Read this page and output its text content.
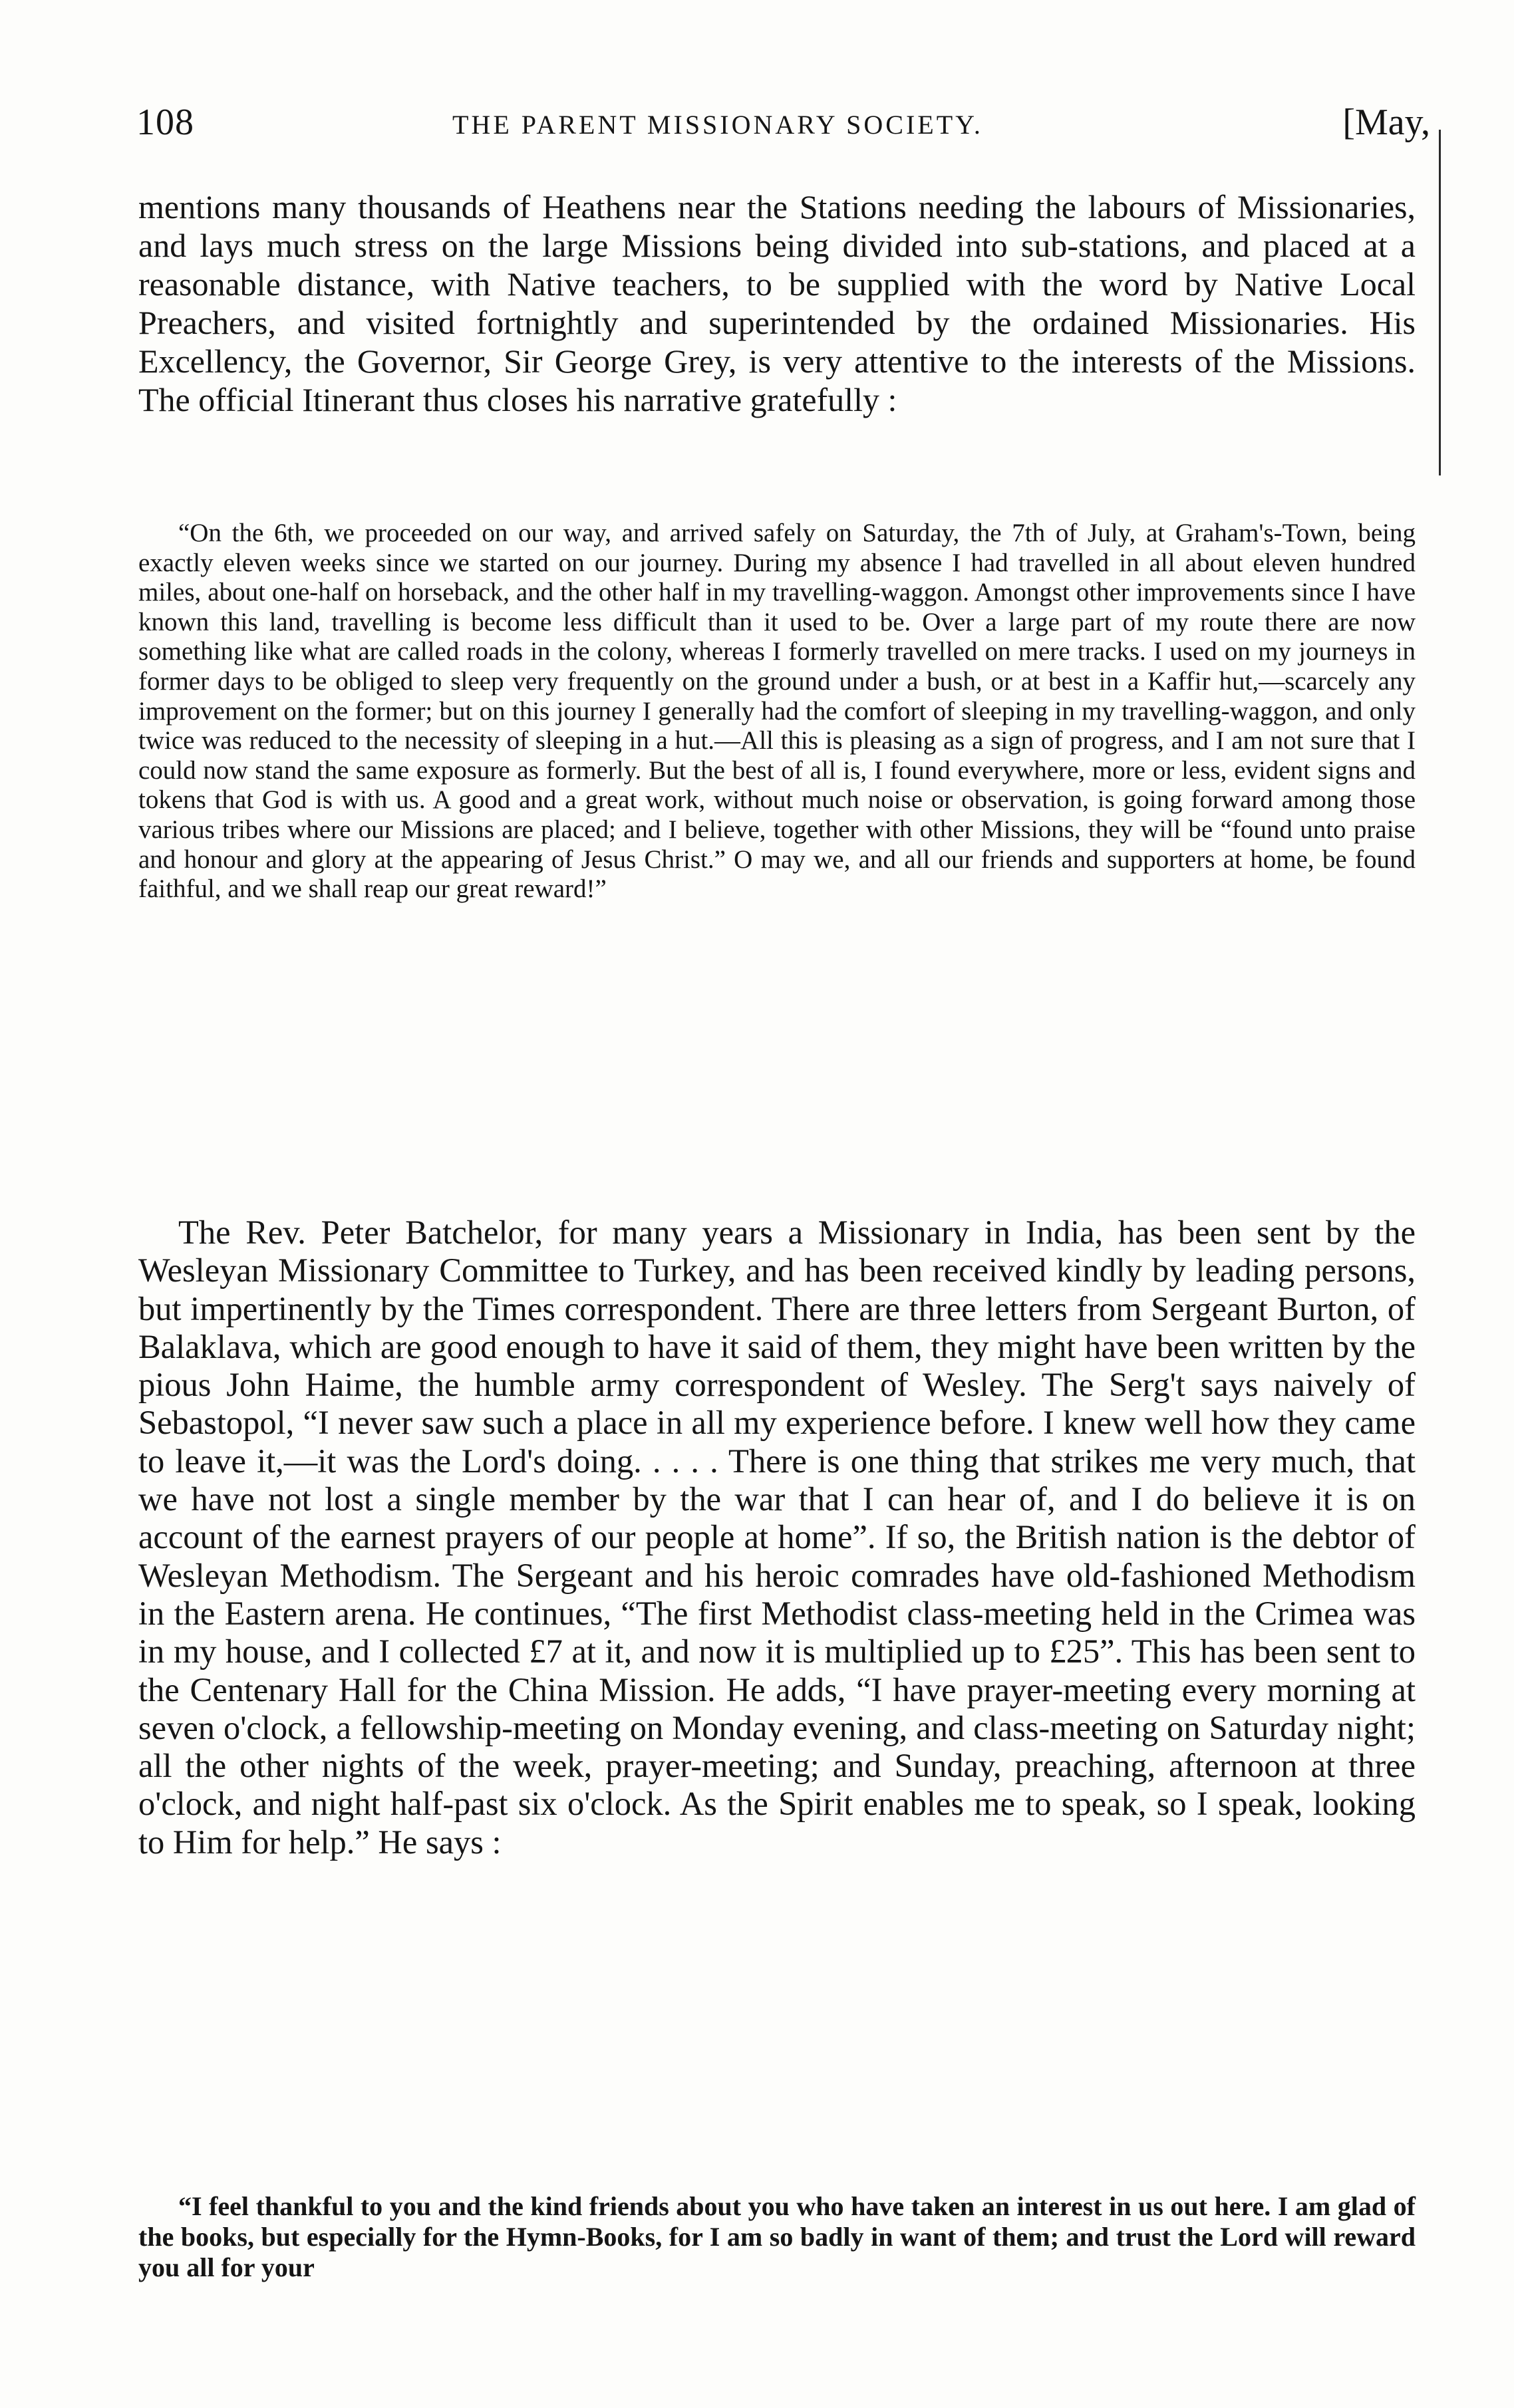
108	THE PARENT MISSIONARY SOCIETY.	[May,

mentions many thousands of Heathens near the Stations needing the labours of Missionaries, and lays much stress on the large Missions being divided into sub-stations, and placed at a reasonable distance, with Native teachers, to be supplied with the word by Native Local Preachers, and visited fortnightly and superintended by the ordained Missionaries. His Excellency, the Governor, Sir George Grey, is very attentive to the interests of the Missions. The official Itinerant thus closes his narrative gratefully :

“On the 6th, we proceeded on our way, and arrived safely on Saturday, the 7th of July, at Graham's-Town, being exactly eleven weeks since we started on our journey. During my absence I had travelled in all about eleven hundred miles, about one-half on horseback, and the other half in my travelling-waggon. Amongst other improvements since I have known this land, travelling is become less difficult than it used to be. Over a large part of my route there are now something like what are called roads in the colony, whereas I formerly travelled on mere tracks. I used on my journeys in former days to be obliged to sleep very frequently on the ground under a bush, or at best in a Kaffir hut,—scarcely any improvement on the former; but on this journey I generally had the comfort of sleeping in my travelling-waggon, and only twice was reduced to the necessity of sleeping in a hut.—All this is pleasing as a sign of progress, and I am not sure that I could now stand the same exposure as formerly. But the best of all is, I found everywhere, more or less, evident signs and tokens that God is with us. A good and a great work, without much noise or observation, is going forward among those various tribes where our Missions are placed; and I believe, together with other Missions, they will be “found unto praise and honour and glory at the appearing of Jesus Christ.” O may we, and all our friends and supporters at home, be found faithful, and we shall reap our great reward!”

The Rev. Peter Batchelor, for many years a Missionary in India, has been sent by the Wesleyan Missionary Committee to Turkey, and has been received kindly by leading persons, but impertinently by the Times correspondent. There are three letters from Sergeant Burton, of Balaklava, which are good enough to have it said of them, they might have been written by the pious John Haime, the humble army correspondent of Wesley. The Serg't says naively of Sebastopol, “I never saw such a place in all my experience before. I knew well how they came to leave it,—it was the Lord's doing. . . . . There is one thing that strikes me very much, that we have not lost a single member by the war that I can hear of, and I do believe it is on account of the earnest prayers of our people at home”. If so, the British nation is the debtor of Wesleyan Methodism. The Sergeant and his heroic comrades have old-fashioned Methodism in the Eastern arena. He continues, “The first Methodist class-meeting held in the Crimea was in my house, and I collected £7 at it, and now it is multiplied up to £25”. This has been sent to the Centenary Hall for the China Mission. He adds, “I have prayer-meeting every morning at seven o'clock, a fellowship-meeting on Monday evening, and class-meeting on Saturday night; all the other nights of the week, prayer-meeting; and Sunday, preaching, afternoon at three o'clock, and night half-past six o'clock. As the Spirit enables me to speak, so I speak, looking to Him for help.” He says :

“I feel thankful to you and the kind friends about you who have taken an interest in us out here. I am glad of the books, but especially for the Hymn-Books, for I am so badly in want of them; and trust the Lord will reward you all for your
